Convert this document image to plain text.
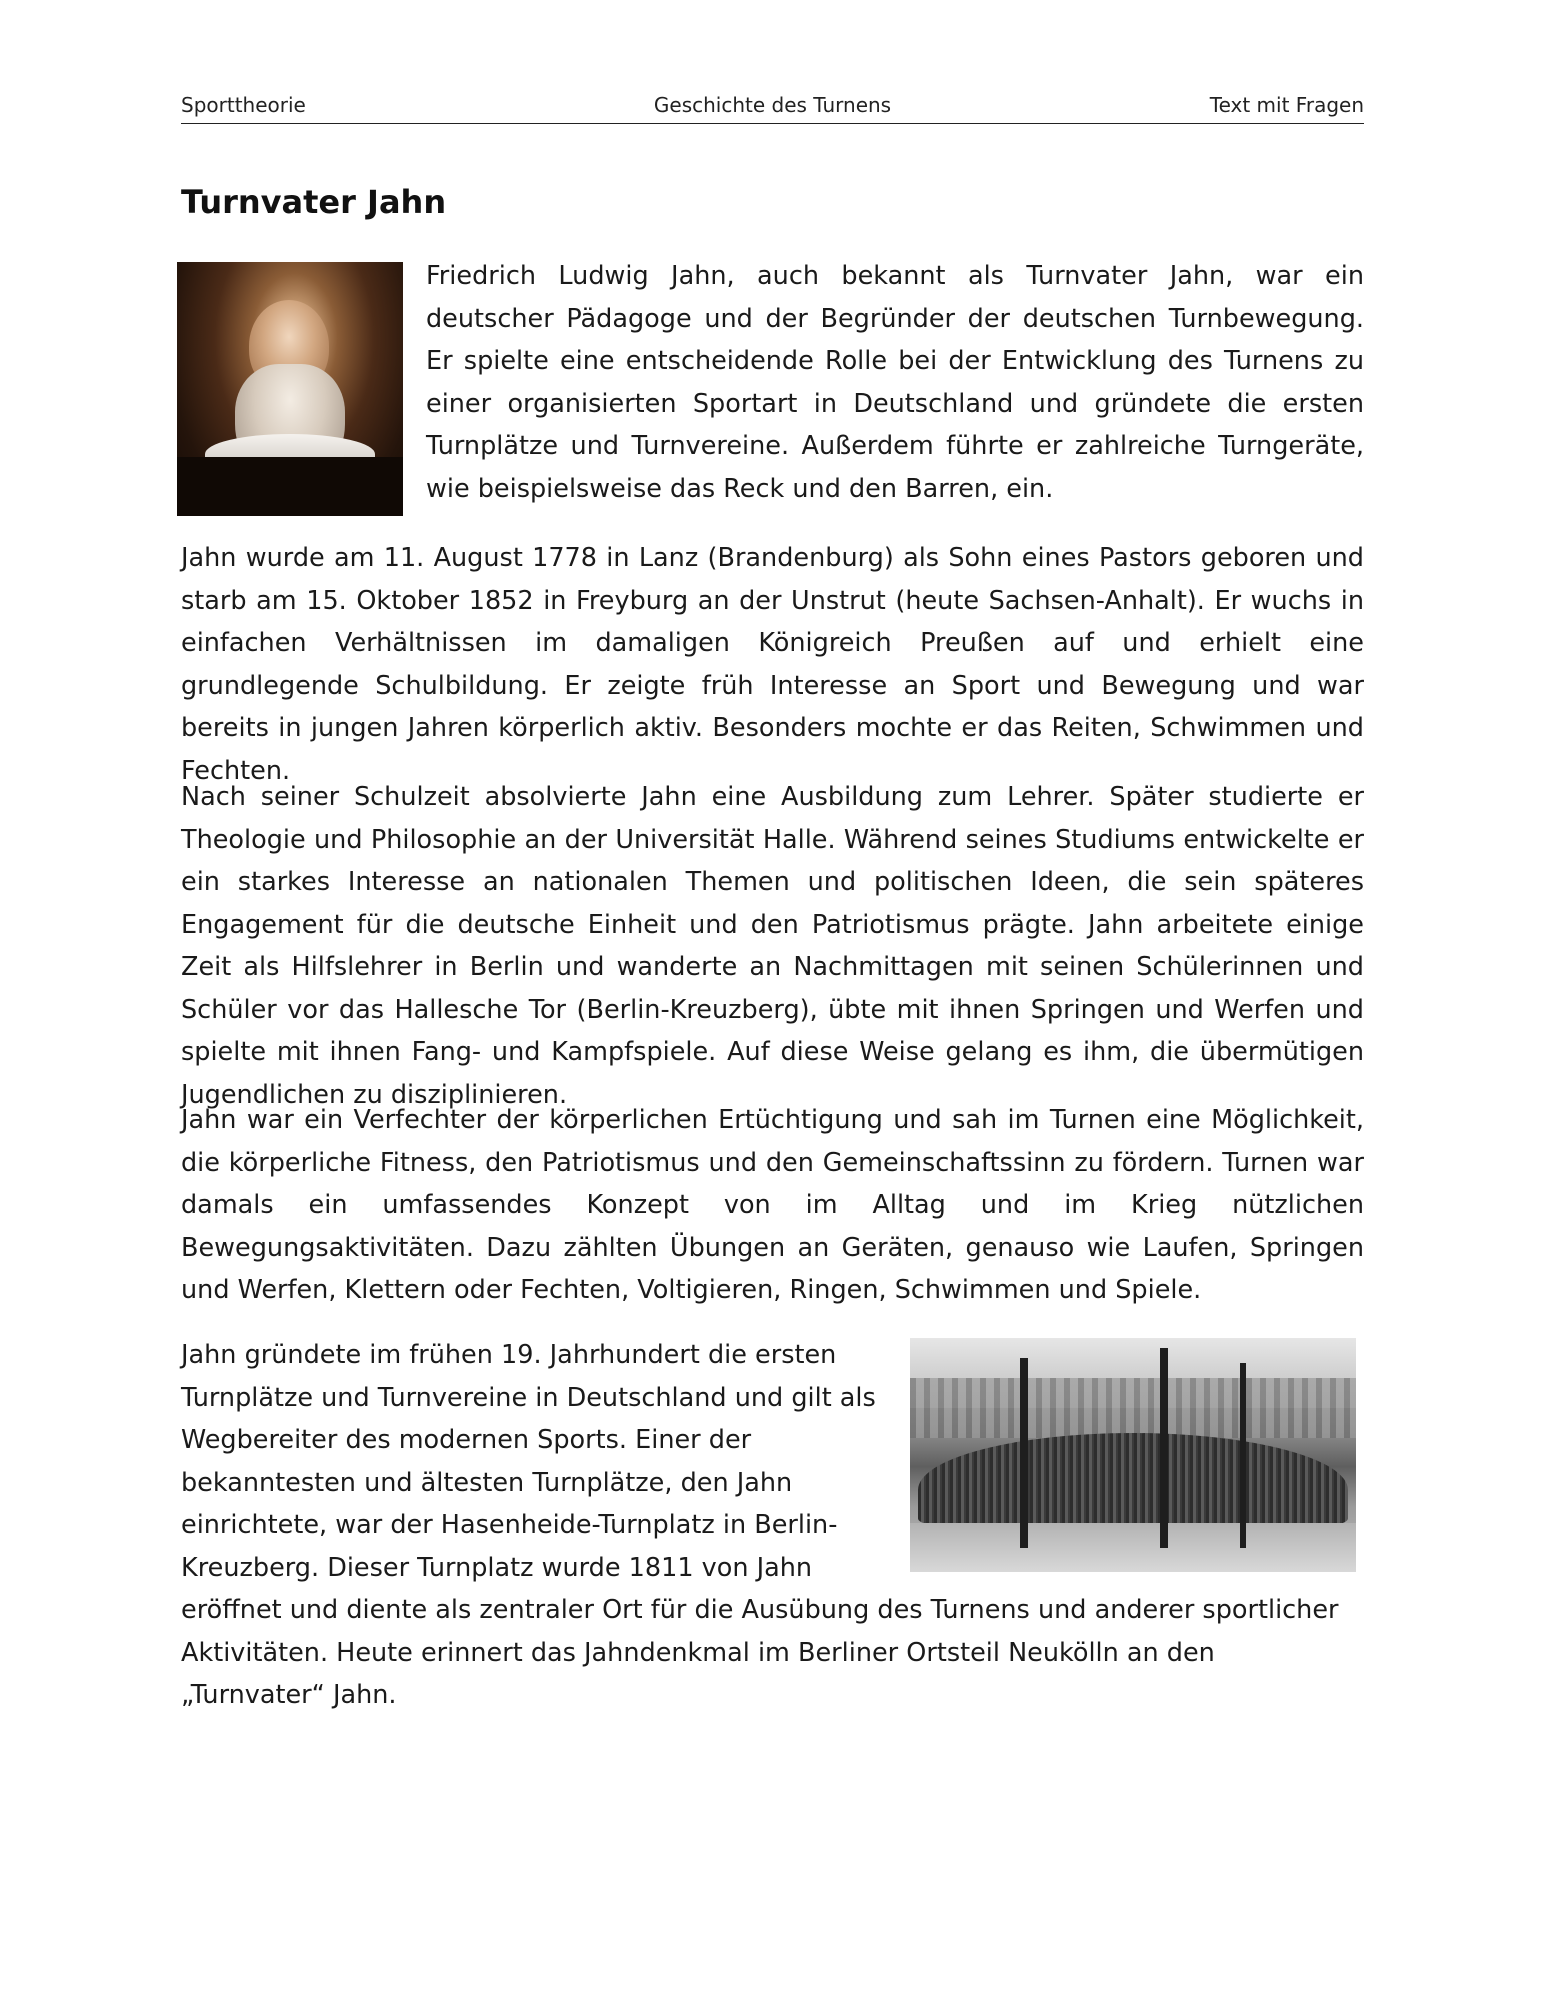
Sporttheorie	Geschichte des Turnens	Text mit Fragen
Turnvater Jahn

Friedrich Ludwig Jahn, auch bekannt als Turnvater Jahn, war ein deutscher Pädagoge und der Begründer der deutschen Turnbewegung. Er spielte eine entscheidende Rolle bei der Entwicklung des Turnens zu einer organisierten Sportart in Deutschland und gründete die ersten Turnplätze und Turnvereine. Außerdem führte er zahlreiche Turngeräte, wie beispielsweise das Reck und den Barren, ein.

Jahn wurde am 11. August 1778 in Lanz (Brandenburg) als Sohn eines Pastors geboren und starb am 15. Oktober 1852 in Freyburg an der Unstrut (heute Sachsen-Anhalt). Er wuchs in einfachen Verhältnissen im damaligen Königreich Preußen auf und erhielt eine grundlegende Schulbildung. Er zeigte früh Interesse an Sport und Bewegung und war bereits in jungen Jahren körperlich aktiv. Besonders mochte er das Reiten, Schwimmen und Fechten.

Nach seiner Schulzeit absolvierte Jahn eine Ausbildung zum Lehrer. Später studierte er Theologie und Philosophie an der Universität Halle. Während seines Studiums entwickelte er ein starkes Interesse an nationalen Themen und politischen Ideen, die sein späteres Engagement für die deutsche Einheit und den Patriotismus prägte. Jahn arbeitete einige Zeit als Hilfslehrer in Berlin und wanderte an Nachmittagen mit seinen Schülerinnen und Schüler vor das Hallesche Tor (Berlin-Kreuzberg), übte mit ihnen Springen und Werfen und spielte mit ihnen Fang- und Kampfspiele. Auf diese Weise gelang es ihm, die übermütigen Jugendlichen zu disziplinieren.

Jahn war ein Verfechter der körperlichen Ertüchtigung und sah im Turnen eine Möglichkeit, die körperliche Fitness, den Patriotismus und den Gemeinschaftssinn zu fördern. Turnen war damals ein umfassendes Konzept von im Alltag und im Krieg nützlichen Bewegungsaktivitäten. Dazu zählten Übungen an Geräten, genauso wie Laufen, Springen und Werfen, Klettern oder Fechten, Voltigieren, Ringen, Schwimmen und Spiele.

Jahn gründete im frühen 19. Jahrhundert die ersten Turnplätze und Turnvereine in Deutschland und gilt als Wegbereiter des modernen Sports. Einer der bekanntesten und ältesten Turnplätze, den Jahn einrichtete, war der Hasenheide-Turnplatz in Berlin-Kreuzberg. Dieser Turnplatz wurde 1811 von Jahn eröffnet und diente als zentraler Ort für die Ausübung des Turnens und anderer sportlicher Aktivitäten. Heute erinnert das Jahndenkmal im Berliner Ortsteil Neukölln an den „Turnvater“ Jahn.
